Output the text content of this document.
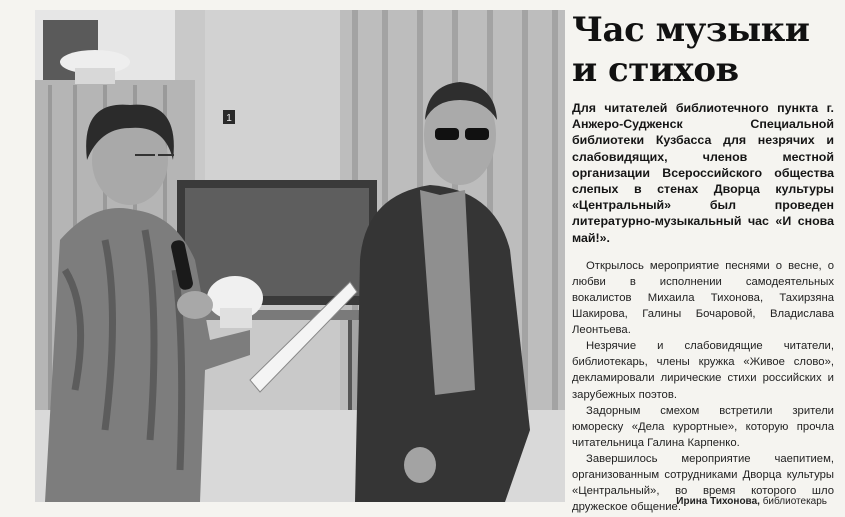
1
Час музыки
и стихов

Для читателей библиотечного пункта г. Анжеро-Судженск Специальной библиотеки Кузбасса для незрячих и слабовидящих, членов местной организации Всероссийского общества слепых в стенах Дворца культуры «Центральный» был проведен литературно-музыкальный час «И снова май!».

Открылось мероприятие песнями о весне, о любви в исполнении самодеятельных вокалистов Михаила Тихонова, Тахирзяна Шакирова, Галины Бочаровой, Владислава Леонтьева.

Незрячие и слабовидящие читатели, библиотекарь, члены кружка «Живое слово», декламировали лирические стихи российских и зарубежных поэтов.

Задорным смехом встретили зрители юмореску «Дела курортные», которую прочла читательница Галина Карпенко.

Завершилось мероприятие чаепитием, организованным сотрудниками Дворца культуры «Центральный», во время которого шло дружеское общение.

Ирина Тихонова, библиотекарь
